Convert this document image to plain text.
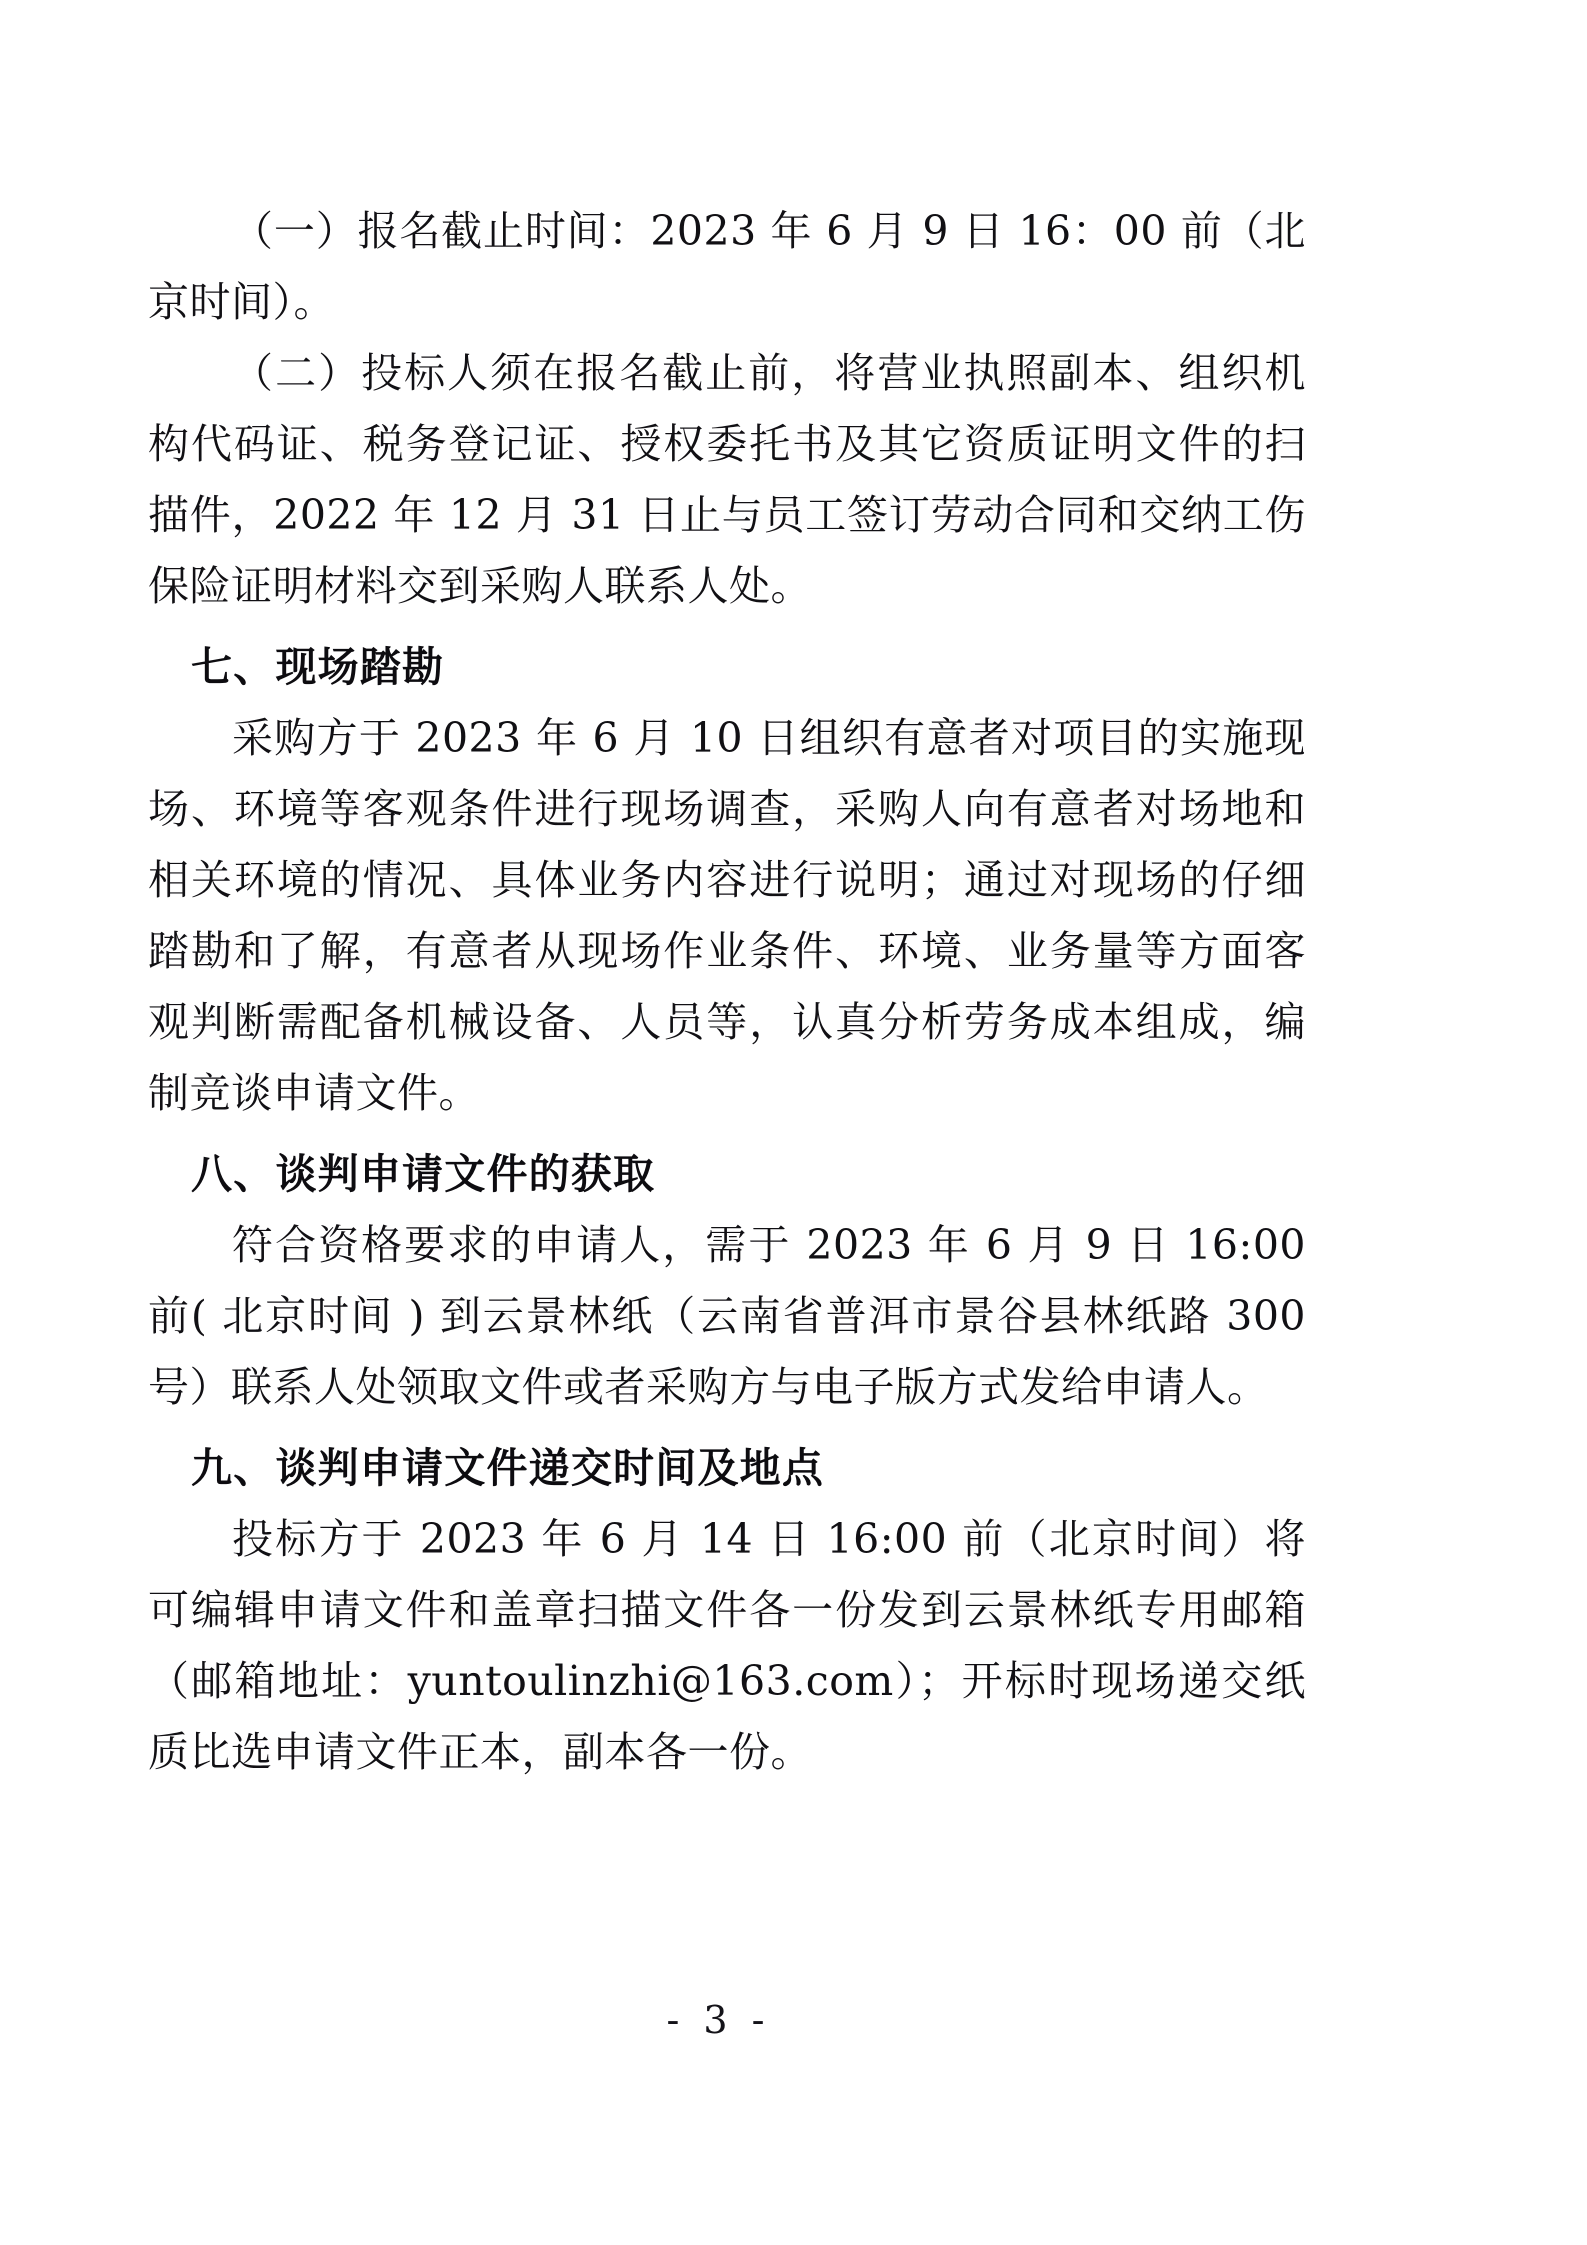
（一）报名截止时间：2023 年 6 月 9 日 16：00 前（北京时间）。

（二）投标人须在报名截止前，将营业执照副本、组织机构代码证、税务登记证、授权委托书及其它资质证明文件的扫描件，2022 年 12 月 31 日止与员工签订劳动合同和交纳工伤保险证明材料交到采购人联系人处。

七、现场踏勘

采购方于 2023 年 6 月 10 日组织有意者对项目的实施现场、环境等客观条件进行现场调查，采购人向有意者对场地和相关环境的情况、具体业务内容进行说明；通过对现场的仔细踏勘和了解，有意者从现场作业条件、环境、业务量等方面客观判断需配备机械设备、人员等，认真分析劳务成本组成，编制竞谈申请文件。

八、谈判申请文件的获取

符合资格要求的申请人，需于 2023 年 6 月 9 日 16:00 前( 北京时间 ) 到云景林纸（云南省普洱市景谷县林纸路 300 号）联系人处领取文件或者采购方与电子版方式发给申请人。

九、谈判申请文件递交时间及地点

投标方于 2023 年 6 月 14 日 16:00 前（北京时间）将可编辑申请文件和盖章扫描文件各一份发到云景林纸专用邮箱（邮箱地址：yuntoulinzhi@163.com）；开标时现场递交纸质比选申请文件正本，副本各一份。

- 3 -
